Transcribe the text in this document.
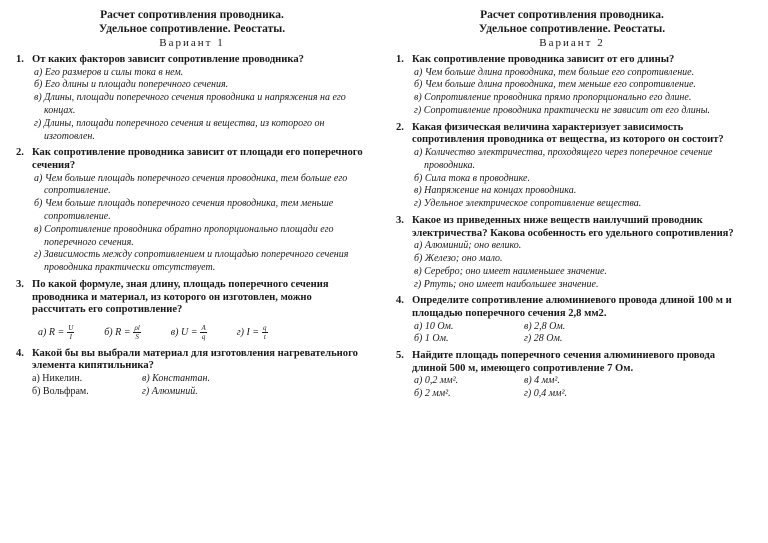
Расчет сопротивления проводника.
Удельное сопротивление. Реостаты.
Вариант 1
1. От каких факторов зависит сопротивление проводника?
а) Его размеров и силы тока в нем.
б) Его длины и площади поперечного сечения.
в) Длины, площади поперечного сечения проводника и напряжения на его концах.
г) Длины, площади поперечного сечения и вещества, из которого он изготовлен.
2. Как сопротивление проводника зависит от площади его поперечного сечения?
а) Чем больше площадь поперечного сечения проводника, тем больше его сопротивление.
б) Чем больше площадь поперечного сечения проводника, тем меньше сопротивление.
в) Сопротивление проводника обратно пропорционально площади его поперечного сечения.
г) Зависимость между сопротивлением и площадью поперечного сечения проводника практически отсутствует.
3. По какой формуле, зная длину, площадь поперечного сечения проводника и материал, из которого он изготовлен, можно рассчитать его сопротивление?
а)
$R = \frac{U}{I}$	б)
$R = \frac{\rho l}{S}$	в)
$U = \frac{A}{q}$	г)
$I = \frac{q}{t}$
4. Какой бы вы выбрали материал для изготовления нагревательного элемента кипятильника?
а) Никелин.	в) Константан.
б) Вольфрам.	г) Алюминий.
Расчет сопротивления проводника.
Удельное сопротивление. Реостаты.
Вариант 2
1. Как сопротивление проводника зависит от его длины?
а) Чем больше длина проводника, тем больше его сопротивление.
б) Чем больше длина проводника, тем меньше его сопротивление.
в) Сопротивление проводника прямо пропорционально его длине.
г) Сопротивление проводника практически не зависит от его длины.
2. Какая физическая величина характеризует зависимость сопротивления проводника от вещества, из которого он состоит?
а) Количество электричества, проходящего через поперечное сечение проводника.
б) Сила тока в проводнике.
в) Напряжение на концах проводника.
г) Удельное электрическое сопротивление вещества.
3. Какое из приведенных ниже веществ наилучший проводник электричества? Какова особенность его удельного сопротивления?
а) Алюминий; оно велико.
б) Железо; оно мало.
в) Серебро; оно имеет наименьшее значение.
г) Ртуть; оно имеет наибольшее значение.
4. Определите сопротивление алюминиевого провода длиной 100 м и площадью поперечного сечения 2,8 мм2.
а) 10 Ом.	в) 2,8 Ом.
б) 1 Ом.	г) 28 Ом.
5. Найдите площадь поперечного сечения алюминиевого провода длиной 500 м, имеющего сопротивление 7 Ом.
а) 0,2 мм².	в) 4 мм².
б) 2 мм².	г) 0,4 мм².
